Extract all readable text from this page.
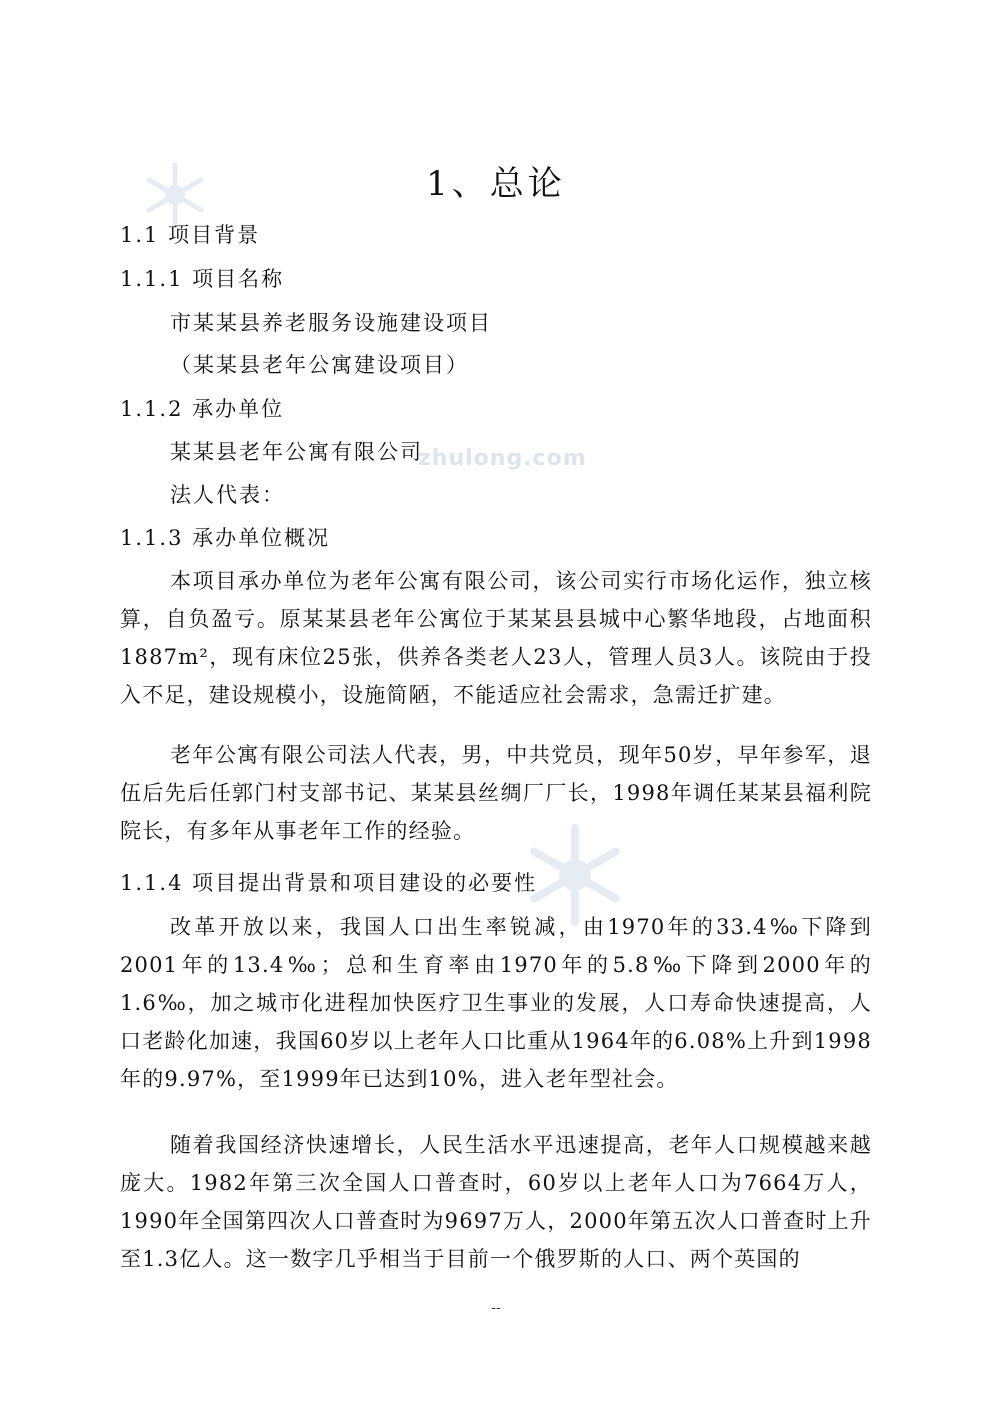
zhulong.com
1、总论
1.1 项目背景
1.1.1 项目名称
市某某县养老服务设施建设项目
（某某县老年公寓建设项目）
1.1.2 承办单位
某某县老年公寓有限公司
法人代表：
1.1.3 承办单位概况
本项目承办单位为老年公寓有限公司，该公司实行市场化运作，独立核算，自负盈亏。原某某县老年公寓位于某某县县城中心繁华地段，占地面积1887m²，现有床位25张，供养各类老人23人，管理人员3人。该院由于投入不足，建设规模小，设施简陋，不能适应社会需求，急需迁扩建。
老年公寓有限公司法人代表，男，中共党员，现年50岁，早年参军，退伍后先后任郭门村支部书记、某某县丝绸厂厂长，1998年调任某某县福利院院长，有多年从事老年工作的经验。
1.1.4 项目提出背景和项目建设的必要性
改革开放以来，我国人口出生率锐减，由1970年的33.4‰下降到2001年的13.4‰；总和生育率由1970年的5.8‰下降到2000年的1.6‰，加之城市化进程加快医疗卫生事业的发展，人口寿命快速提高，人口老龄化加速，我国60岁以上老年人口比重从1964年的6.08%上升到1998年的9.97%，至1999年已达到10%，进入老年型社会。
随着我国经济快速增长，人民生活水平迅速提高，老年人口规模越来越庞大。1982年第三次全国人口普查时，60岁以上老年人口为7664万人，1990年全国第四次人口普查时为9697万人，2000年第五次人口普查时上升至1.3亿人。这一数字几乎相当于目前一个俄罗斯的人口、两个英国的
--
